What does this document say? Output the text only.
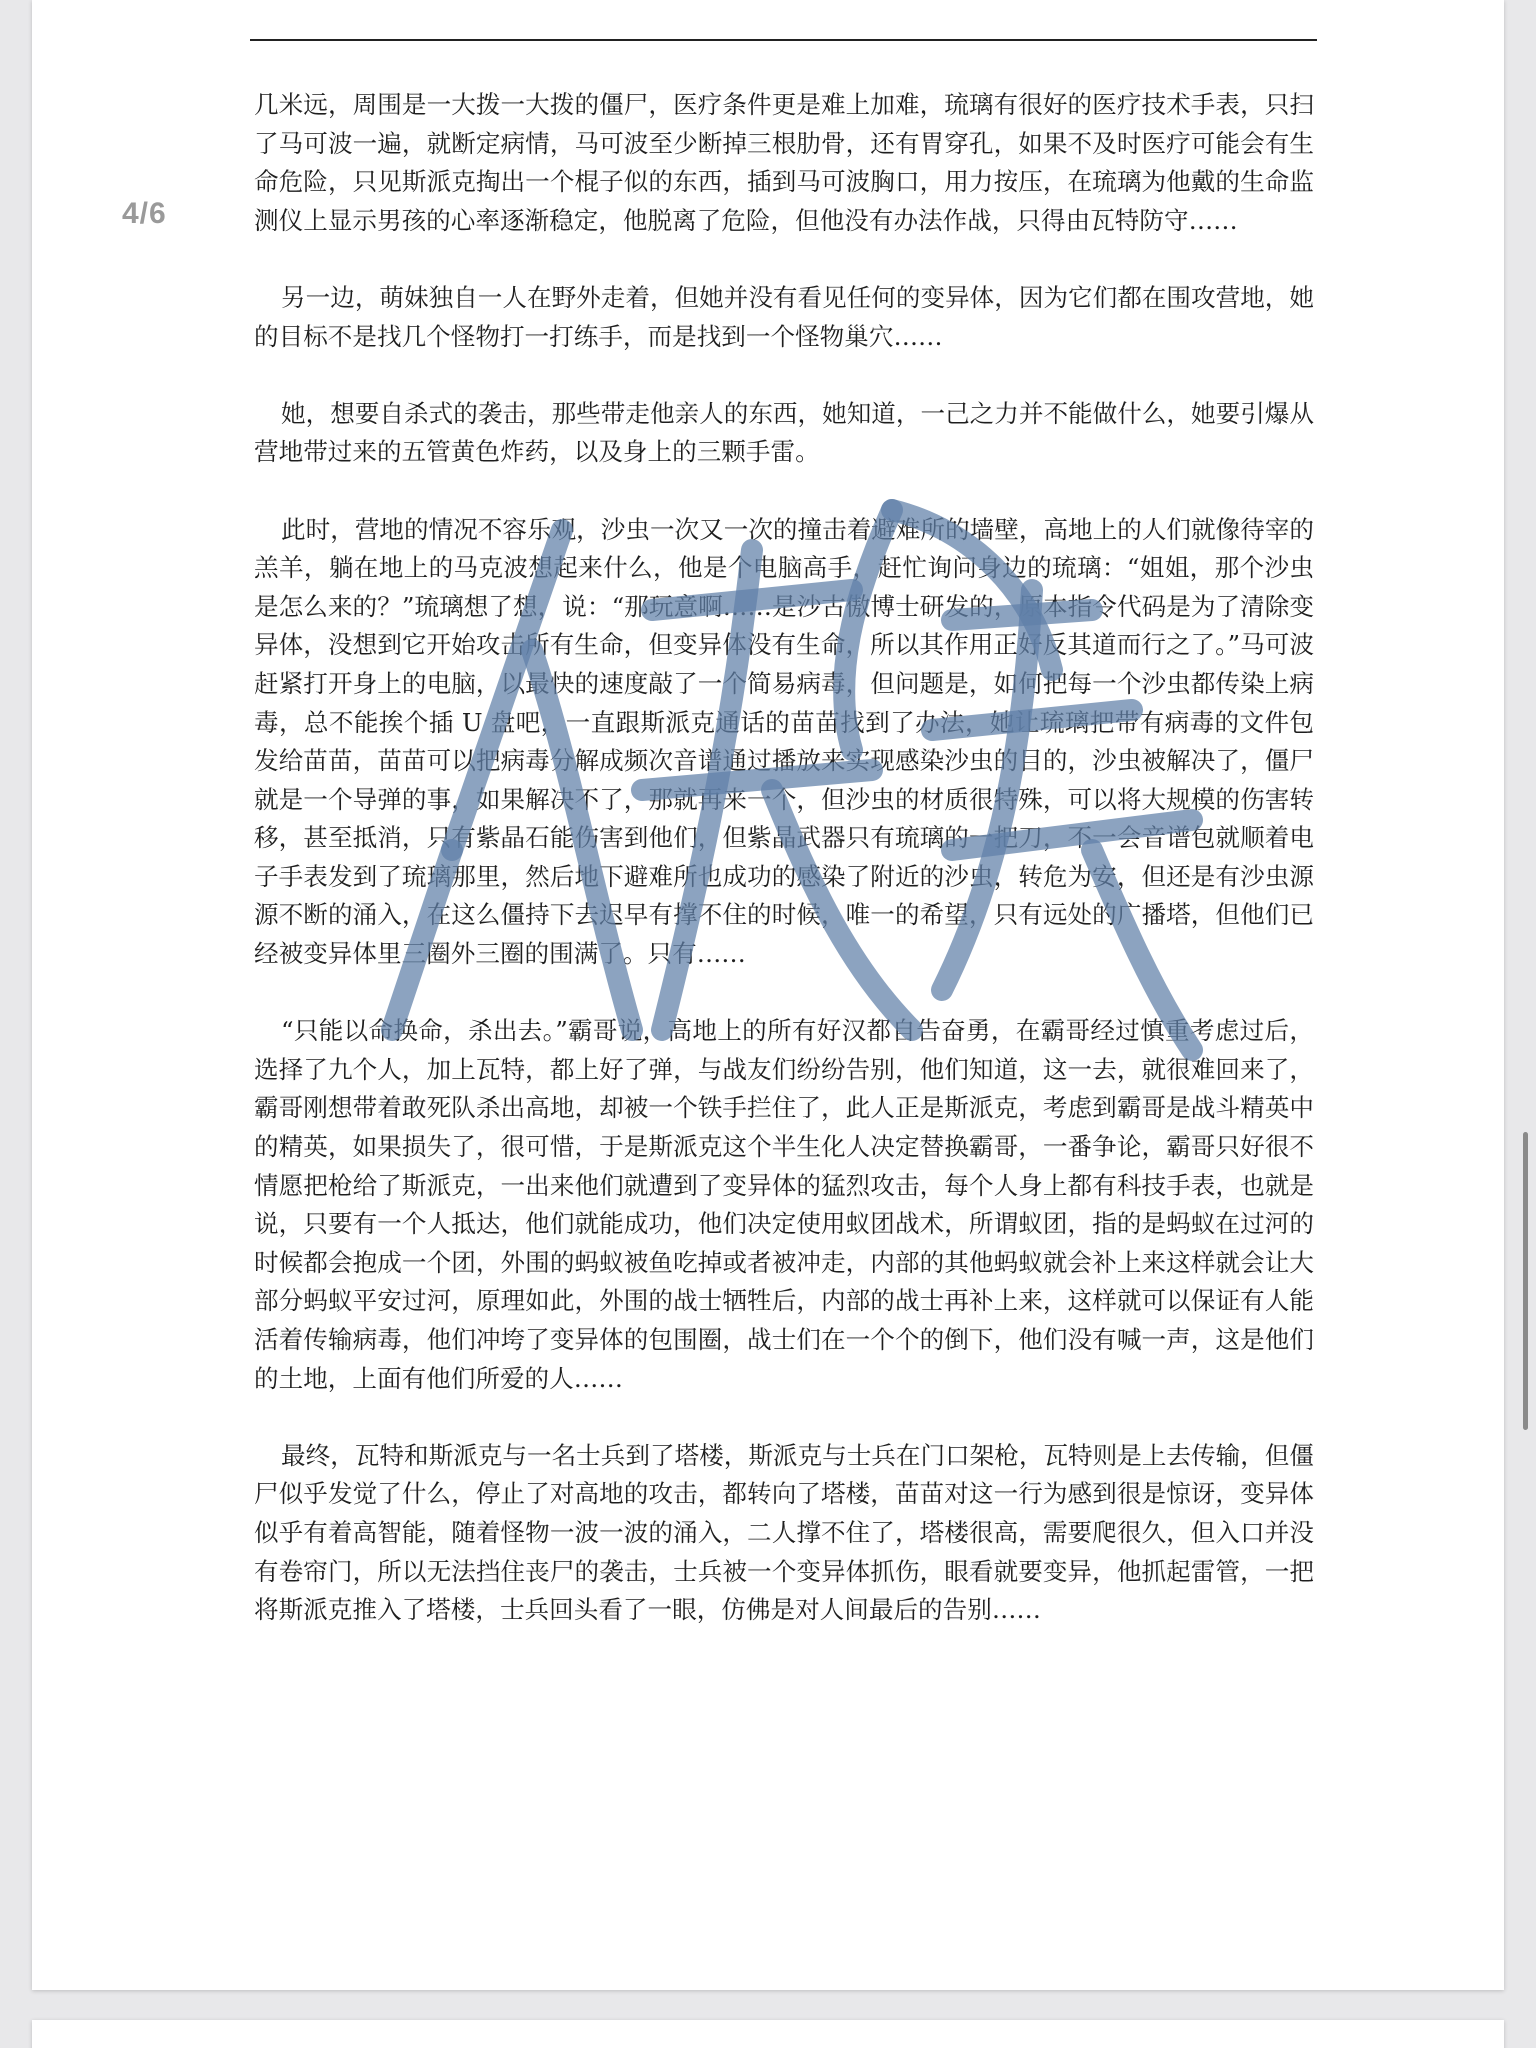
几米远，周围是一大拨一大拨的僵尸，医疗条件更是难上加难，琉璃有很好的医疗技术手表，只扫了马可波一遍，就断定病情，马可波至少断掉三根肋骨，还有胃穿孔，如果不及时医疗可能会有生命危险，只见斯派克掏出一个棍子似的东西，插到马可波胸口，用力按压，在琉璃为他戴的生命监测仪上显示男孩的心率逐渐稳定，他脱离了危险，但他没有办法作战，只得由瓦特防守……

另一边，萌妹独自一人在野外走着，但她并没有看见任何的变异体，因为它们都在围攻营地，她的目标不是找几个怪物打一打练手，而是找到一个怪物巢穴……

她，想要自杀式的袭击，那些带走他亲人的东西，她知道，一己之力并不能做什么，她要引爆从营地带过来的五管黄色炸药，以及身上的三颗手雷。

此时，营地的情况不容乐观，沙虫一次又一次的撞击着避难所的墙壁，高地上的人们就像待宰的羔羊，躺在地上的马克波想起来什么，他是个电脑高手，赶忙询问身边的琉璃：“姐姐，那个沙虫是怎么来的？”琉璃想了想，说：“那玩意啊……是沙古傲博士研发的，原本指令代码是为了清除变异体，没想到它开始攻击所有生命，但变异体没有生命，所以其作用正好反其道而行之了。”马可波赶紧打开身上的电脑，以最快的速度敲了一个简易病毒，但问题是，如何把每一个沙虫都传染上病毒，总不能挨个插 U 盘吧，一直跟斯派克通话的苗苗找到了办法，她让琉璃把带有病毒的文件包发给苗苗，苗苗可以把病毒分解成频次音谱通过播放来实现感染沙虫的目的，沙虫被解决了，僵尸就是一个导弹的事，如果解决不了，那就再来一个，但沙虫的材质很特殊，可以将大规模的伤害转移，甚至抵消，只有紫晶石能伤害到他们，但紫晶武器只有琉璃的一把刀，不一会音谱包就顺着电子手表发到了琉璃那里，然后地下避难所也成功的感染了附近的沙虫，转危为安，但还是有沙虫源源不断的涌入，在这么僵持下去迟早有撑不住的时候，唯一的希望，只有远处的广播塔，但他们已经被变异体里三圈外三圈的围满了。只有……

“只能以命换命，杀出去。”霸哥说，高地上的所有好汉都自告奋勇，在霸哥经过慎重考虑过后，选择了九个人，加上瓦特，都上好了弹，与战友们纷纷告别，他们知道，这一去，就很难回来了，霸哥刚想带着敢死队杀出高地，却被一个铁手拦住了，此人正是斯派克，考虑到霸哥是战斗精英中的精英，如果损失了，很可惜，于是斯派克这个半生化人决定替换霸哥，一番争论，霸哥只好很不情愿把枪给了斯派克，一出来他们就遭到了变异体的猛烈攻击，每个人身上都有科技手表，也就是说，只要有一个人抵达，他们就能成功，他们决定使用蚁团战术，所谓蚁团，指的是蚂蚁在过河的时候都会抱成一个团，外围的蚂蚁被鱼吃掉或者被冲走，内部的其他蚂蚁就会补上来这样就会让大部分蚂蚁平安过河，原理如此，外围的战士牺牲后，内部的战士再补上来，这样就可以保证有人能活着传输病毒，他们冲垮了变异体的包围圈，战士们在一个个的倒下，他们没有喊一声，这是他们的土地，上面有他们所爱的人……

最终，瓦特和斯派克与一名士兵到了塔楼，斯派克与士兵在门口架枪，瓦特则是上去传输，但僵尸似乎发觉了什么，停止了对高地的攻击，都转向了塔楼，苗苗对这一行为感到很是惊讶，变异体似乎有着高智能，随着怪物一波一波的涌入，二人撑不住了，塔楼很高，需要爬很久，但入口并没有卷帘门，所以无法挡住丧尸的袭击，士兵被一个变异体抓伤，眼看就要变异，他抓起雷管，一把将斯派克推入了塔楼，士兵回头看了一眼，仿佛是对人间最后的告别……

4/6
